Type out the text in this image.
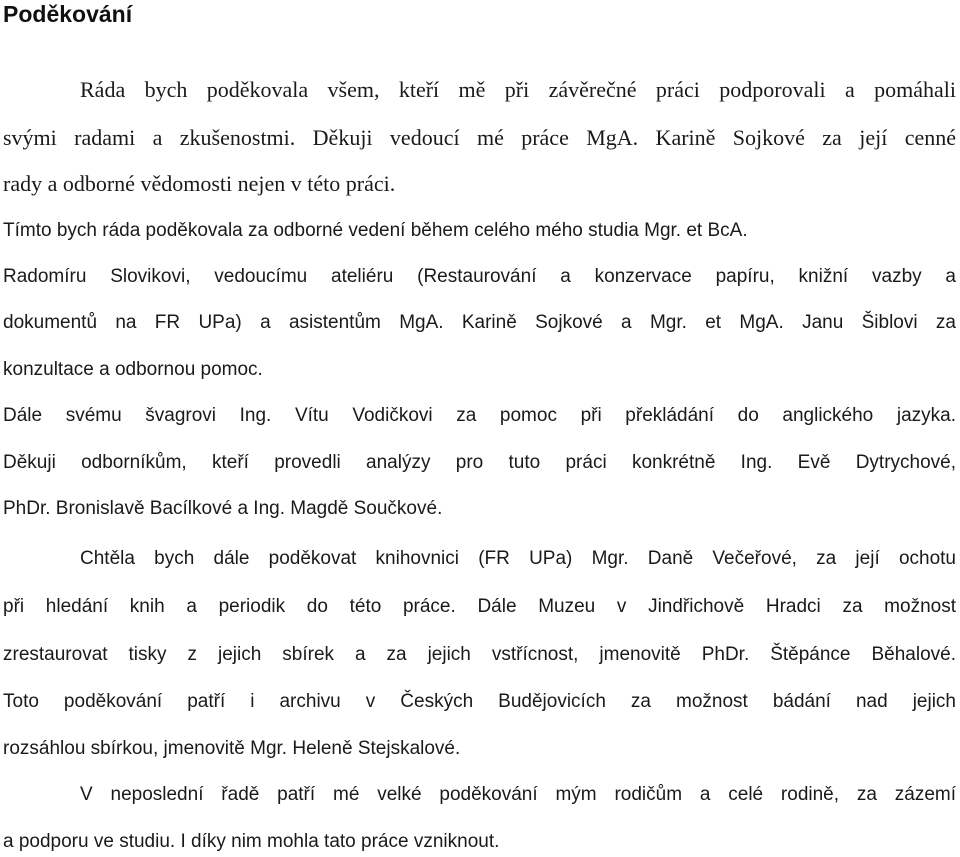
Poděkování

Ráda bych poděkovala všem, kteří mě při závěrečné práci podporovali a pomáhali

svými radami a zkušenostmi. Děkuji vedoucí mé práce MgA. Karině Sojkové za její cenné

rady a odborné vědomosti nejen v této práci.

Tímto bych ráda poděkovala za odborné vedení během celého mého studia Mgr. et BcA.

Radomíru Slovikovi, vedoucímu ateliéru (Restaurování a konzervace papíru, knižní vazby a

dokumentů na FR UPa) a asistentům MgA. Karině Sojkové a Mgr. et MgA. Janu Šiblovi za

konzultace a odbornou pomoc.

Dále svému švagrovi Ing. Vítu Vodičkovi za pomoc při překládání do anglického jazyka.

Děkuji odborníkům, kteří provedli analýzy pro tuto práci konkrétně Ing. Evě Dytrychové,

PhDr. Bronislavě Bacílkové a Ing. Magdě Součkové.

Chtěla bych dále poděkovat knihovnici (FR UPa) Mgr. Daně Večeřové, za její ochotu

při hledání knih a periodik do této práce. Dále Muzeu v Jindřichově Hradci za možnost

zrestaurovat tisky z jejich sbírek a za jejich vstřícnost, jmenovitě PhDr. Štěpánce Běhalové.

Toto poděkování patří i archivu v Českých Budějovicích za možnost bádání nad jejich

rozsáhlou sbírkou, jmenovitě Mgr. Heleně Stejskalové.

V neposlední řadě patří mé velké poděkování mým rodičům a celé rodině, za zázemí

a podporu ve studiu. I díky nim mohla tato práce vzniknout.
